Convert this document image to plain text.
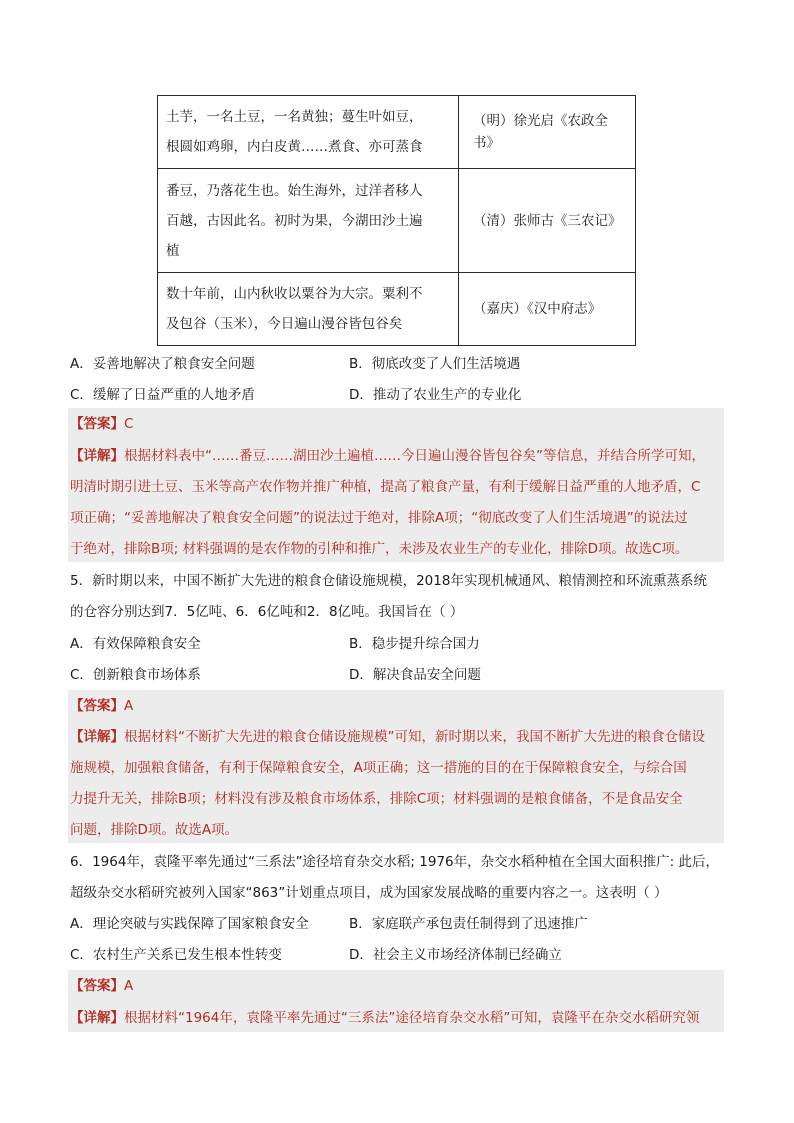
土芋，一名土豆，一名黄独；蔓生叶如豆，
根圆如鸡卵，内白皮黄……煮食、亦可蒸食	（明）徐光启《农政全书》

番豆，乃落花生也。始生海外，过洋者移人
百越，古因此名。初时为果，今湖田沙土遍
植	（清）张师古《三农记》

数十年前，山内秋收以粟谷为大宗。粟利不
及包谷（玉米），今日遍山漫谷皆包谷矣	（嘉庆）《汉中府志》
A．妥善地解决了粮食安全问题	B．彻底改变了人们生活境遇
C．缓解了日益严重的人地矛盾	D．推动了农业生产的专业化
【答案】C
【详解】根据材料表中“……番豆……湖田沙土遍植……今日遍山漫谷皆包谷矣”等信息，并结合所学可知，
明清时期引进土豆、玉米等高产农作物并推广种植，提高了粮食产量，有利于缓解日益严重的人地矛盾，C
项正确；“妥善地解决了粮食安全问题”的说法过于绝对，排除A项；“彻底改变了人们生活境遇”的说法过
于绝对，排除B项; 材料强调的是农作物的引种和推广，未涉及农业生产的专业化，排除D项。故选C项。
5．新时期以来，中国不断扩大先进的粮食仓储设施规模，2018年实现机械通风、粮情测控和环流熏蒸系统
的仓容分别达到7．5亿吨、6．6亿吨和2．8亿吨。我国旨在（ ）
A．有效保障粮食安全	B．稳步提升综合国力
C．创新粮食市场体系	D．解决食品安全问题
【答案】A
【详解】根据材料“不断扩大先进的粮食仓储设施规模”可知，新时期以来，我国不断扩大先进的粮食仓储设
施规模，加强粮食储备，有利于保障粮食安全，A项正确；这一措施的目的在于保障粮食安全，与综合国
力提升无关，排除B项；材料没有涉及粮食市场体系，排除C项；材料强调的是粮食储备，不是食品安全
问题，排除D项。故选A项。
6．1964年，袁隆平率先通过“三系法”途径培育杂交水稻; 1976年，杂交水稻种植在全国大面积推广: 此后，
超级杂交水稻研究被列入国家“863”计划重点项目，成为国家发展战略的重要内容之一。这表明（ ）
A．理论突破与实践保障了国家粮食安全	B．家庭联产承包责任制得到了迅速推广
C．农村生产关系已发生根本性转变	D．社会主义市场经济体制已经确立
【答案】A
【详解】根据材料“1964年，袁隆平率先通过“三系法”途径培育杂交水稻”可知，袁隆平在杂交水稻研究领
